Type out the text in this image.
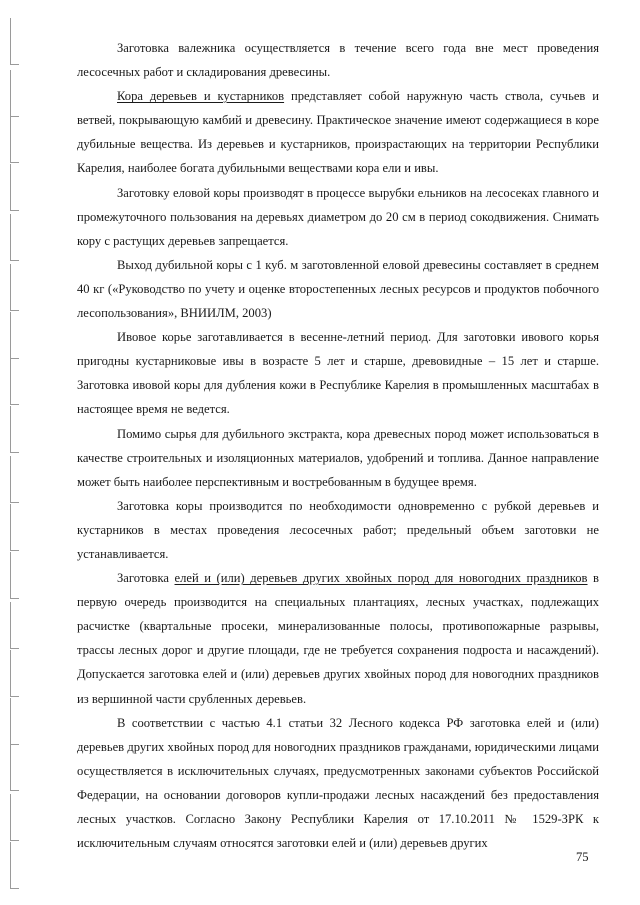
Заготовка валежника осуществляется в течение всего года вне мест проведения лесосечных работ и складирования древесины.

Кора деревьев и кустарников представляет собой наружную часть ствола, сучьев и ветвей, покрывающую камбий и древесину. Практическое значение имеют содержащиеся в коре дубильные вещества. Из деревьев и кустарников, произрастающих на территории Республики Карелия, наиболее богата дубильными веществами кора ели и ивы.

Заготовку еловой коры производят в процессе вырубки ельников на лесосеках главного и промежуточного пользования на деревьях диаметром до 20 см в период сокодвижения. Снимать кору с растущих деревьев запрещается.

Выход дубильной коры с 1 куб. м заготовленной еловой древесины составляет в среднем 40 кг («Руководство по учету и оценке второстепенных лесных ресурсов и продуктов побочного лесопользования», ВНИИЛМ, 2003)

Ивовое корье заготавливается в весенне-летний период. Для заготовки ивового корья пригодны кустарниковые ивы в возрасте 5 лет и старше, древовидные – 15 лет и старше. Заготовка ивовой коры для дубления кожи в Республике Карелия в промышленных масштабах в настоящее время не ведется.

Помимо сырья для дубильного экстракта, кора древесных пород может использоваться в качестве строительных и изоляционных материалов, удобрений и топлива. Данное направление может быть наиболее перспективным и востребованным в будущее время.

Заготовка коры производится по необходимости одновременно с рубкой деревьев и кустарников в местах проведения лесосечных работ; предельный объем заготовки не устанавливается.

Заготовка елей и (или) деревьев других хвойных пород для новогодних праздников в первую очередь производится на специальных плантациях, лесных участках, подлежащих расчистке (квартальные просеки, минерализованные полосы, противопожарные разрывы, трассы лесных дорог и другие площади, где не требуется сохранения подроста и насаждений). Допускается заготовка елей и (или) деревьев других хвойных пород для новогодних праздников из вершинной части срубленных деревьев.

В соответствии с частью 4.1 статьи 32 Лесного кодекса РФ заготовка елей и (или) деревьев других хвойных пород для новогодних праздников гражданами, юридическими лицами осуществляется в исключительных случаях, предусмотренных законами субъектов Российской Федерации, на основании договоров купли-продажи лесных насаждений без предоставления лесных участков. Согласно Закону Республики Карелия от 17.10.2011 № 1529-ЗРК к исключительным случаям относятся заготовки елей и (или) деревьев других

75
